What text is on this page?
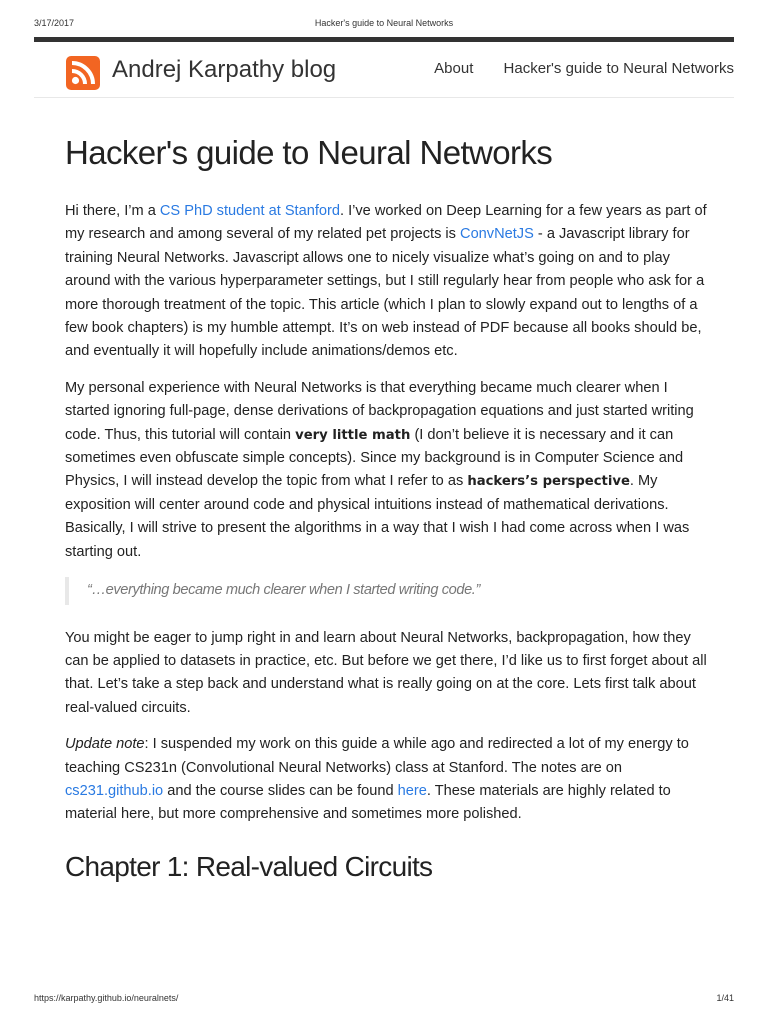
3/17/2017	Hacker's guide to Neural Networks
Andrej Karpathy blog	About Hacker's guide to Neural Networks
Hacker's guide to Neural Networks

Hi there, I’m a CS PhD student at Stanford. I’ve worked on Deep Learning for a few years as part of my research and among several of my related pet projects is ConvNetJS - a Javascript library for training Neural Networks. Javascript allows one to nicely visualize what’s going on and to play around with the various hyperparameter settings, but I still regularly hear from people who ask for a more thorough treatment of the topic. This article (which I plan to slowly expand out to lengths of a few book chapters) is my humble attempt. It’s on web instead of PDF because all books should be, and eventually it will hopefully include animations/demos etc.

My personal experience with Neural Networks is that everything became much clearer when I started ignoring full-page, dense derivations of backpropagation equations and just started writing code. Thus, this tutorial will contain very little math (I don’t believe it is necessary and it can sometimes even obfuscate simple concepts). Since my background is in Computer Science and Physics, I will instead develop the topic from what I refer to as hackers’s perspective. My exposition will center around code and physical intuitions instead of mathematical derivations. Basically, I will strive to present the algorithms in a way that I wish I had come across when I was starting out.

“…everything became much clearer when I started writing code.”

You might be eager to jump right in and learn about Neural Networks, backpropagation, how they can be applied to datasets in practice, etc. But before we get there, I’d like us to first forget about all that. Let’s take a step back and understand what is really going on at the core. Lets first talk about real-valued circuits.

Update note: I suspended my work on this guide a while ago and redirected a lot of my energy to teaching CS231n (Convolutional Neural Networks) class at Stanford. The notes are on cs231.github.io and the course slides can be found here. These materials are highly related to material here, but more comprehensive and sometimes more polished.

Chapter 1: Real-valued Circuits
https://karpathy.github.io/neuralnets/	1/41
